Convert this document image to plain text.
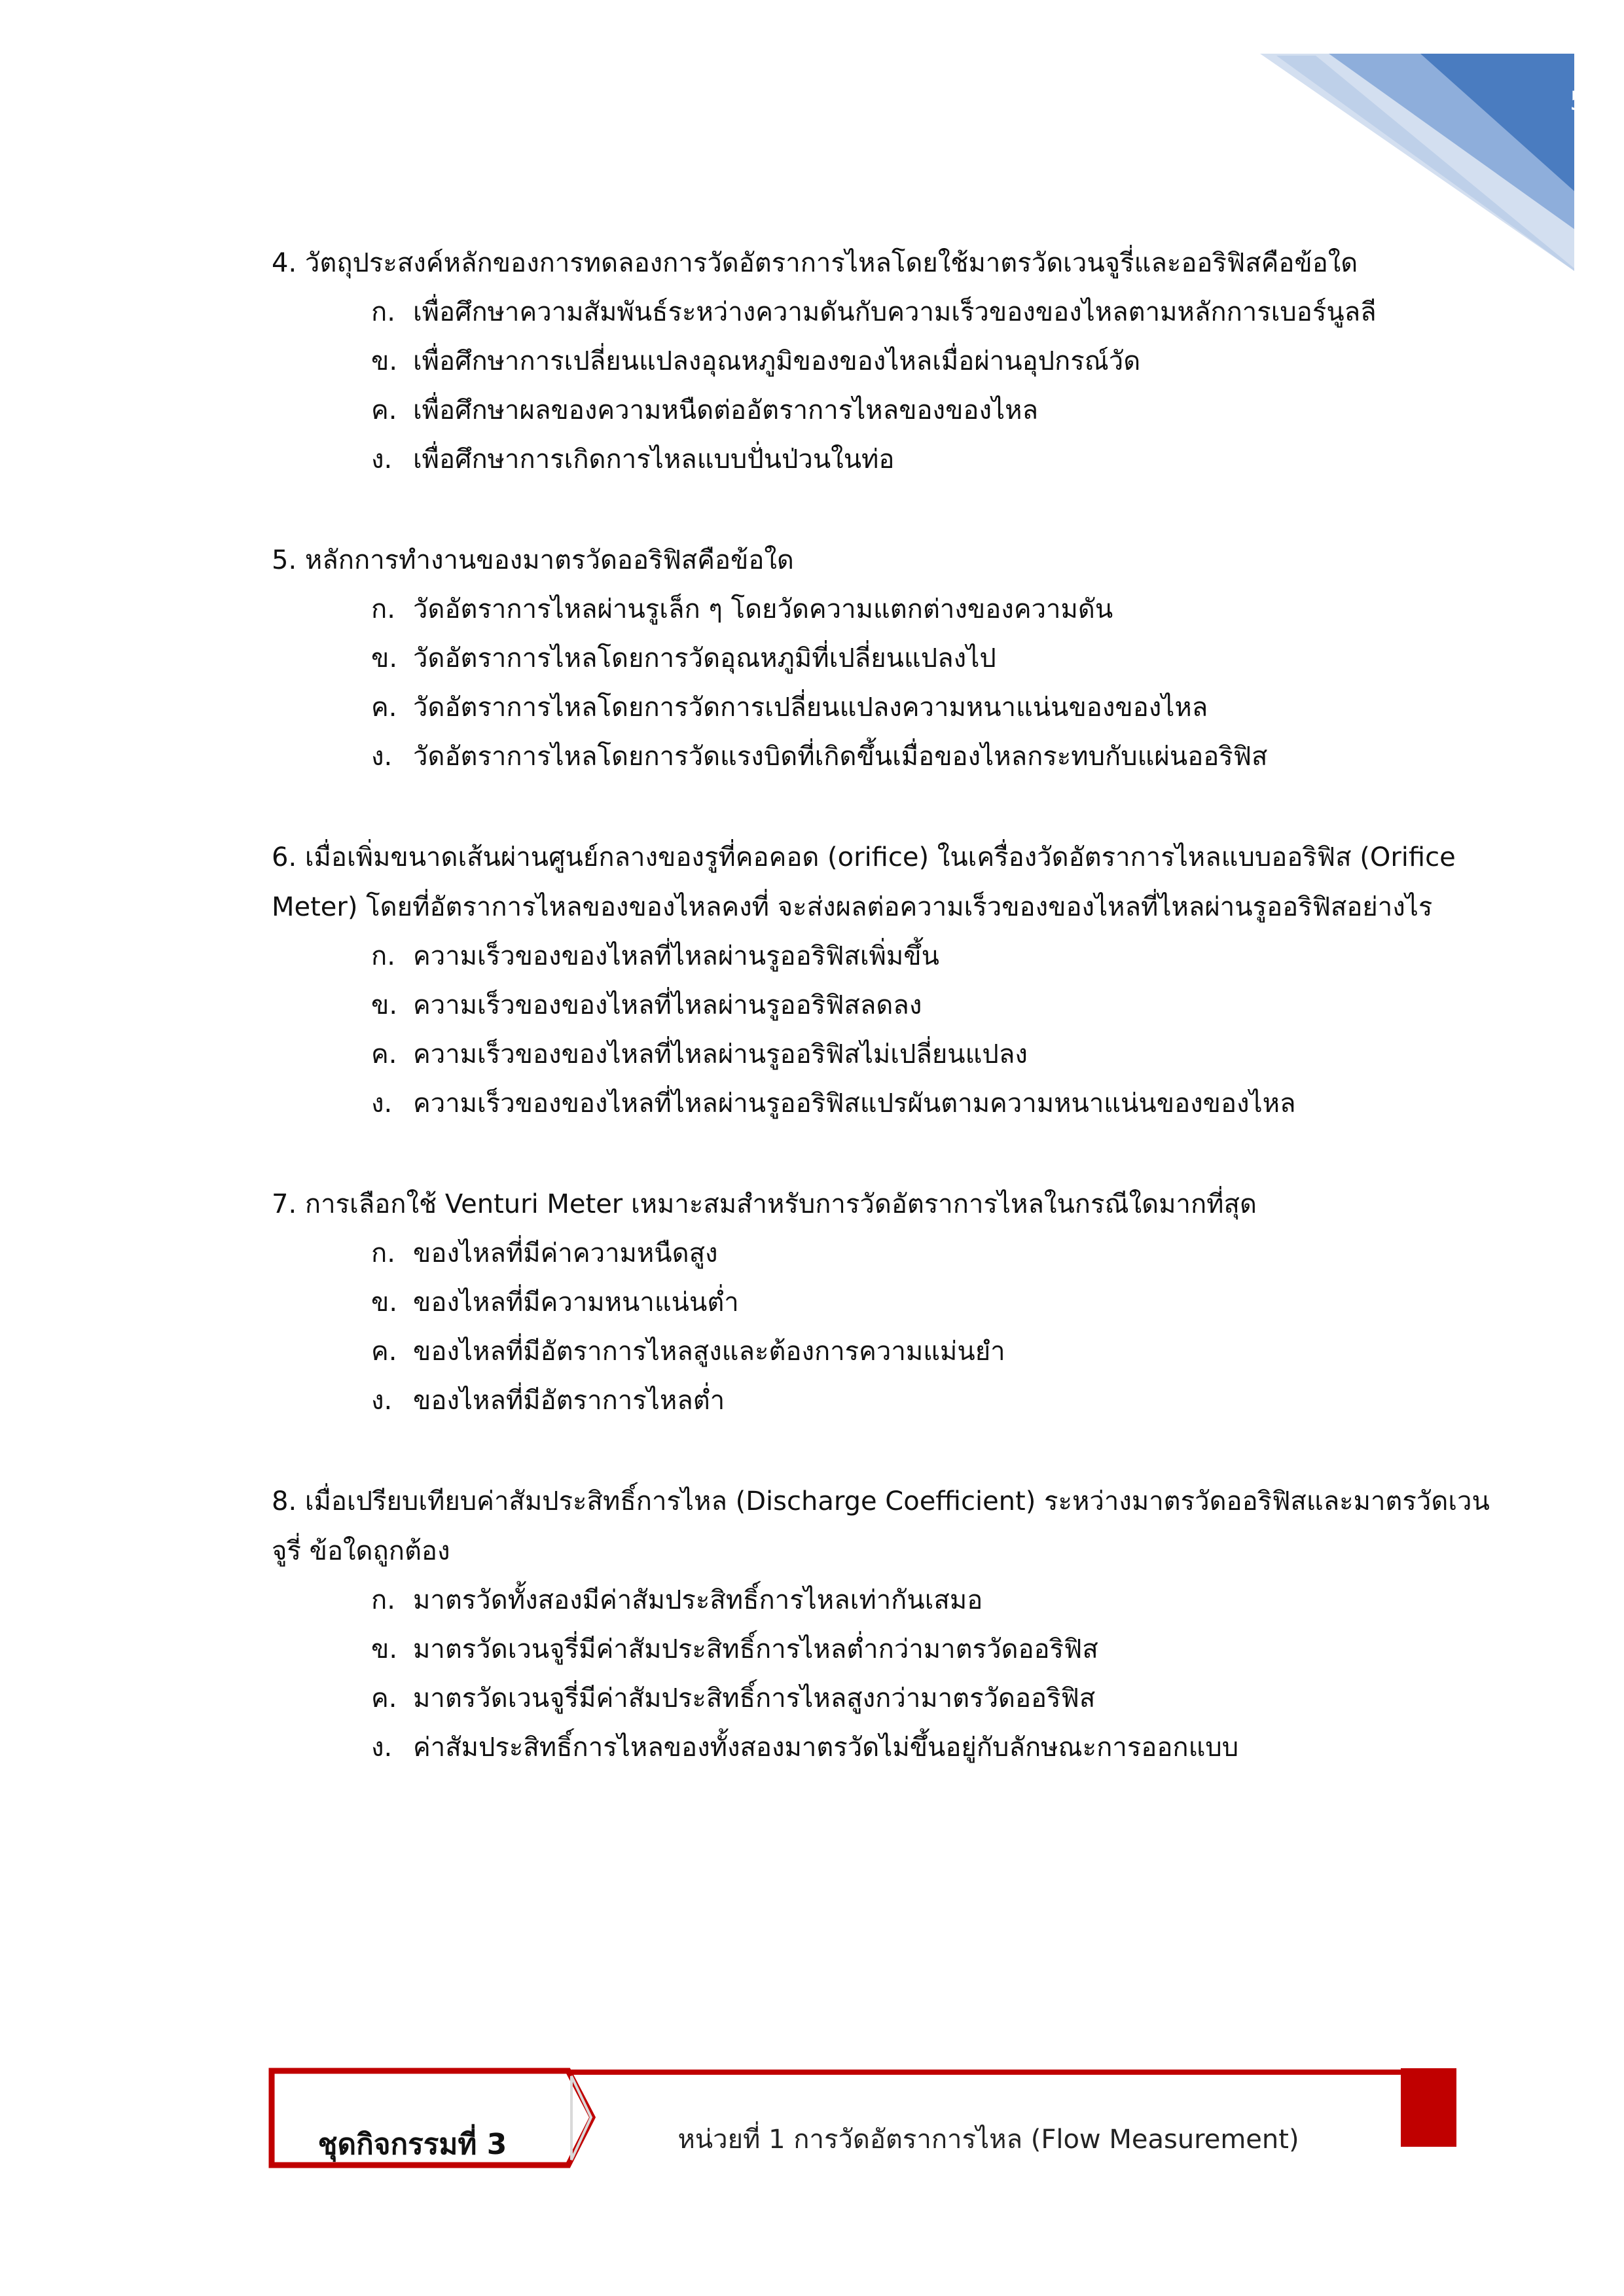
59

4. วัตถุประสงค์หลักของการทดลองการวัดอัตราการไหลโดยใช้มาตรวัดเวนจูรี่และออริฟิสคือข้อใด

ก. เพื่อศึกษาความสัมพันธ์ระหว่างความดันกับความเร็วของของไหลตามหลักการเบอร์นูลลี

ข. เพื่อศึกษาการเปลี่ยนแปลงอุณหภูมิของของไหลเมื่อผ่านอุปกรณ์วัด

ค. เพื่อศึกษาผลของความหนืดต่ออัตราการไหลของของไหล

ง. เพื่อศึกษาการเกิดการไหลแบบปั่นป่วนในท่อ

5. หลักการทำงานของมาตรวัดออริฟิสคือข้อใด

ก. วัดอัตราการไหลผ่านรูเล็ก ๆ โดยวัดความแตกต่างของความดัน

ข. วัดอัตราการไหลโดยการวัดอุณหภูมิที่เปลี่ยนแปลงไป

ค. วัดอัตราการไหลโดยการวัดการเปลี่ยนแปลงความหนาแน่นของของไหล

ง. วัดอัตราการไหลโดยการวัดแรงบิดที่เกิดขึ้นเมื่อของไหลกระทบกับแผ่นออริฟิส

6. เมื่อเพิ่มขนาดเส้นผ่านศูนย์กลางของรูที่คอคอด (orifice) ในเครื่องวัดอัตราการไหลแบบออริฟิส (Orifice Meter) โดยที่อัตราการไหลของของไหลคงที่ จะส่งผลต่อความเร็วของของไหลที่ไหลผ่านรูออริฟิสอย่างไร

ก. ความเร็วของของไหลที่ไหลผ่านรูออริฟิสเพิ่มขึ้น

ข. ความเร็วของของไหลที่ไหลผ่านรูออริฟิสลดลง

ค. ความเร็วของของไหลที่ไหลผ่านรูออริฟิสไม่เปลี่ยนแปลง

ง. ความเร็วของของไหลที่ไหลผ่านรูออริฟิสแปรผันตามความหนาแน่นของของไหล

7. การเลือกใช้ Venturi Meter เหมาะสมสำหรับการวัดอัตราการไหลในกรณีใดมากที่สุด

ก. ของไหลที่มีค่าความหนืดสูง

ข. ของไหลที่มีความหนาแน่นต่ำ

ค. ของไหลที่มีอัตราการไหลสูงและต้องการความแม่นยำ

ง. ของไหลที่มีอัตราการไหลต่ำ

8. เมื่อเปรียบเทียบค่าสัมประสิทธิ์การไหล (Discharge Coefficient) ระหว่างมาตรวัดออริฟิสและมาตรวัดเวนจูรี่ ข้อใดถูกต้อง

ก. มาตรวัดทั้งสองมีค่าสัมประสิทธิ์การไหลเท่ากันเสมอ

ข. มาตรวัดเวนจูรี่มีค่าสัมประสิทธิ์การไหลต่ำกว่ามาตรวัดออริฟิส

ค. มาตรวัดเวนจูรี่มีค่าสัมประสิทธิ์การไหลสูงกว่ามาตรวัดออริฟิส

ง. ค่าสัมประสิทธิ์การไหลของทั้งสองมาตรวัดไม่ขึ้นอยู่กับลักษณะการออกแบบ

ชุดกิจกรรมที่ 3	หน่วยที่ 1 การวัดอัตราการไหล (Flow Measurement)
